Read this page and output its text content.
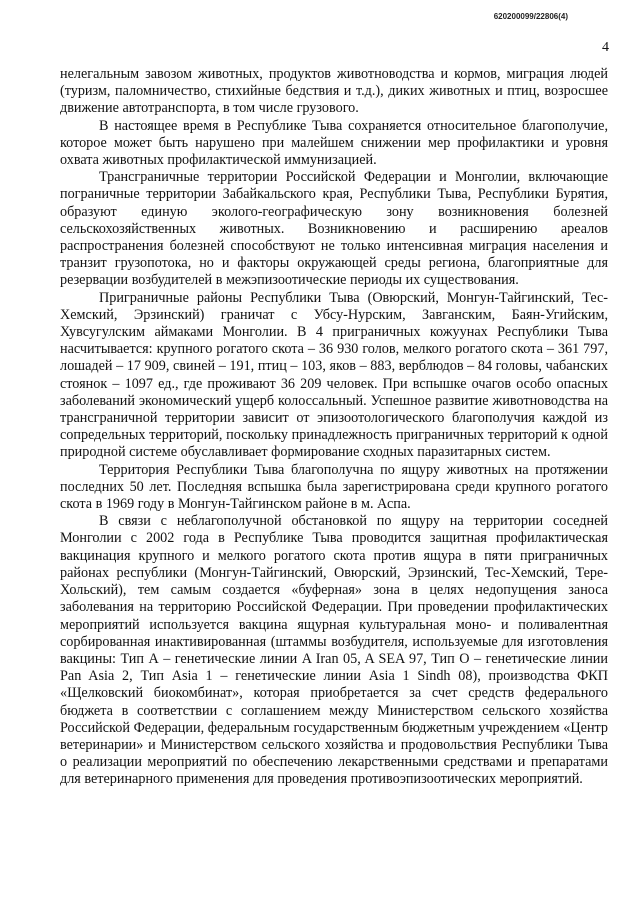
620200099/22806(4)
4

нелегальным завозом животных, продуктов животноводства и кормов, миграция людей (туризм, паломничество, стихийные бедствия и т.д.), диких животных и птиц, возросшее движение автотранспорта, в том числе грузового.

В настоящее время в Республике Тыва сохраняется относительное благополучие, которое может быть нарушено при малейшем снижении мер профилактики и уровня охвата животных профилактической иммунизацией.

Трансграничные территории Российской Федерации и Монголии, включающие пограничные территории Забайкальского края, Республики Тыва, Республики Бурятия, образуют единую эколого-географическую зону возникновения болезней сельскохозяйственных животных. Возникновению и расширению ареалов распространения болезней способствуют не только интенсивная миграция населения и транзит грузопотока, но и факторы окружающей среды региона, благоприятные для резервации возбудителей в межэпизоотические периоды их существования.

Приграничные районы Республики Тыва (Овюрский, Монгун-Тайгинский, Тес-Хемский, Эрзинский) граничат с Убсу-Нурским, Завганским, Баян-Угийским, Хувсугулским аймаками Монголии. В 4 приграничных кожуунах Республики Тыва насчитывается: крупного рогатого скота – 36 930 голов, мелкого рогатого скота – 361 797, лошадей – 17 909, свиней – 191, птиц – 103, яков – 883, верблюдов – 84 головы, чабанских стоянок – 1097 ед., где проживают 36 209 человек. При вспышке очагов особо опасных заболеваний экономический ущерб колоссальный. Успешное развитие животноводства на трансграничной территории зависит от эпизоотологического благополучия каждой из сопредельных территорий, поскольку принадлежность приграничных территорий к одной природной системе обуславливает формирование сходных паразитарных систем.

Территория Республики Тыва благополучна по ящуру животных на протяжении последних 50 лет. Последняя вспышка была зарегистрирована среди крупного рогатого скота в 1969 году в Монгун-Тайгинском районе в м. Аспа.

В связи с неблагополучной обстановкой по ящуру на территории соседней Монголии с 2002 года в Республике Тыва проводится защитная профилактическая вакцинация крупного и мелкого рогатого скота против ящура в пяти приграничных районах республики (Монгун-Тайгинский, Овюрский, Эрзинский, Тес-Хемский, Тере-Хольский), тем самым создается «буферная» зона в целях недопущения заноса заболевания на территорию Российской Федерации. При проведении профилактических мероприятий используется вакцина ящурная культуральная моно- и поливалентная сорбированная инактивированная (штаммы возбудителя, используемые для изготовления вакцины: Тип А – генетические линии A Iran 05, A SEA 97, Тип О – генетические линии Pan Asia 2, Тип Asia 1 – генетические линии Asia 1 Sindh 08), производства ФКП «Щелковский биокомбинат», которая приобретается за счет средств федерального бюджета в соответствии с соглашением между Министерством сельского хозяйства Российской Федерации, федеральным государственным бюджетным учреждением «Центр ветеринарии» и Министерством сельского хозяйства и продовольствия Республики Тыва о реализации мероприятий по обеспечению лекарственными средствами и препаратами для ветеринарного применения для проведения противоэпизоотических мероприятий.
